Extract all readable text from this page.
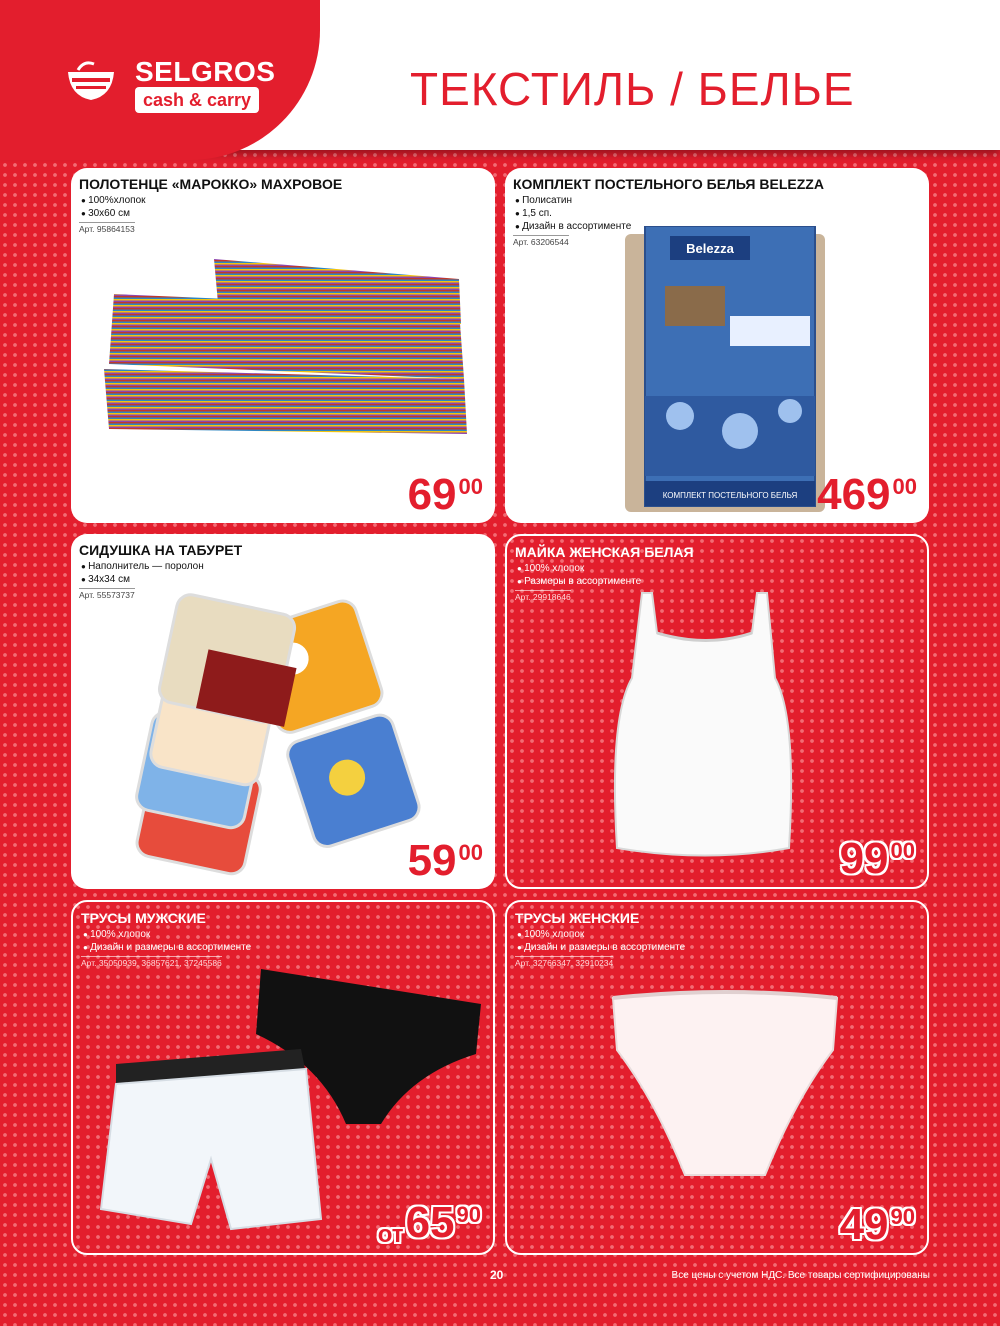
SELGROS
cash & carry	ТЕКСТИЛЬ / БЕЛЬЕ
ПОЛОТЕНЦЕ «МАРОККО» МАХРОВОЕ
● 100%хлопок
● 30x60 см
Арт. 95864153
69 00
КОМПЛЕКТ ПОСТЕЛЬНОГО БЕЛЬЯ BELEZZA
● Полисатин
● 1,5 сп.
● Дизайн в ассортименте
Арт. 63206544	Belezza
КОМПЛЕКТ ПОСТЕЛЬНОГО БЕЛЬЯ 469 00
СИДУШКА НА ТАБУРЕТ
● Наполнитель — поролон
● 34x34 см
Арт. 55573737
59 00
МАЙКА ЖЕНСКАЯ БЕЛАЯ
● 100% хлопок
● Размеры в ассортименте
Арт. 29918646
99 00
ТРУСЫ МУЖСКИЕ
● 100% хлопок
● Дизайн и размеры в ассортименте
Арт. 35050939, 36857621, 37245586
от 65 90
ТРУСЫ ЖЕНСКИЕ
● 100% хлопок
● Дизайн и размеры в ассортименте
Арт. 32766347, 32910234
49 90
20	Все цены с учетом НДС. Все товары сертифицированы
